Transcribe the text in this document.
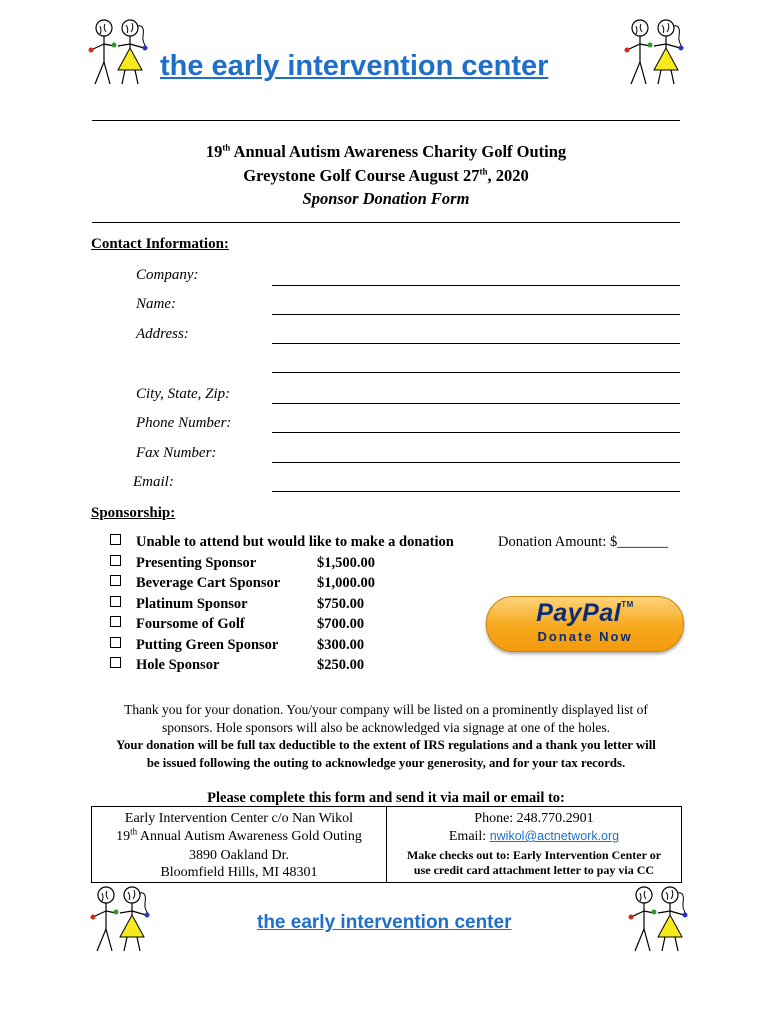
the early intervention center
19th Annual Autism Awareness Charity Golf Outing
Greystone Golf Course August 27th, 2020
Sponsor Donation Form
Contact Information:
Company:
Name:
Address:
City, State, Zip:
Phone Number:
Fax Number:
Email:
Sponsorship:
Unable to attend but would like to make a donation	Donation Amount: $_______
Presenting Sponsor	$1,500.00
Beverage Cart Sponsor	$1,000.00
Platinum Sponsor	$750.00
Foursome of Golf	$700.00
Putting Green Sponsor	$300.00
Hole Sponsor	$250.00
PayPal™
Donate Now
Thank you for your donation. You/your company will be listed on a prominently displayed list of
sponsors. Hole sponsors will also be acknowledged via signage at one of the holes.
Your donation will be full tax deductible to the extent of IRS regulations and a thank you letter will
be issued following the outing to acknowledge your generosity, and for your tax records.
Please complete this form and send it via mail or email to:
Early Intervention Center c/o Nan Wikol
19th Annual Autism Awareness Gold Outing
3890 Oakland Dr.
Bloomfield Hills, MI 48301
Phone: 248.770.2901
Email: nwikol@actnetwork.org
Make checks out to: Early Intervention Center or
use credit card attachment letter to pay via CC
the early intervention center
